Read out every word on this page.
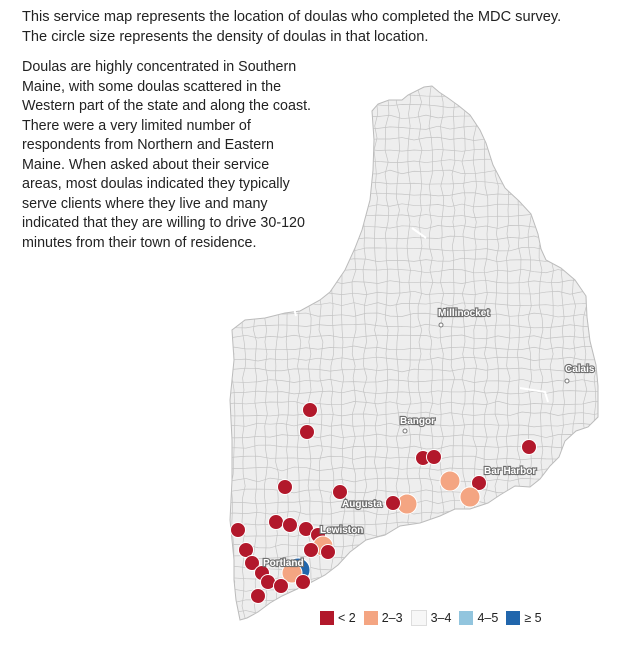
This service map represents the location of doulas who completed the MDC survey. The circle size represents the density of doulas in that location.

Doulas are highly concentrated in Southern Maine, with some doulas scattered in the Western part of the state and along the coast. There were a very limited number of respondents from Northern and Eastern Maine. When asked about their service areas, most doulas indicated they typically serve clients where they live and many indicated that they are willing to drive 30-120 minutes from their town of residence.

Millinocket
Calais
Bangor
Bar Harbor
Augusta
Lewiston
Portland
< 2 2–3 3–4 4–5 ≥ 5
